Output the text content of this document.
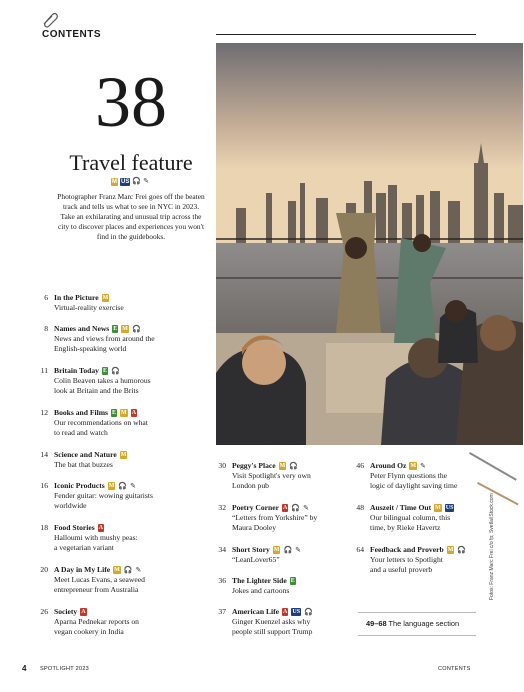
CONTENTS
38
Travel feature
M US 🎧 ✎
Photographer Franz Marc Frei goes off the beaten track and tells us what to see in NYC in 2023. Take an exhilarating and unusual trip across the city to discover places and experiences you won't find in the guidebooks.
6 In the Picture M
Virtual-reality exercise
8 Names and News E M 🎧
News and views from around the
English-speaking world
11 Britain Today E 🎧
Colin Beaven takes a humorous
look at Britain and the Brits
12 Books and Films E M A
Our recommendations on what
to read and watch
14 Science and Nature M
The bat that buzzes
16 Iconic Products M 🎧 ✎
Fender guitar: wowing guitarists
worldwide
18 Food Stories A
Halloumi with mushy peas:
a vegetarian variant
20 A Day in My Life M 🎧 ✎
Meet Lucas Evans, a seaweed
entrepreneur from Australia
26 Society A
Aparna Pednekar reports on
vegan cookery in India
30 Peggy's Place M 🎧
Visit Spotlight's very own
London pub
32 Poetry Corner A 🎧 ✎
“Letters from Yorkshire” by
Maura Dooley
34 Short Story M 🎧 ✎
“LeanLover65”
36 The Lighter Side E
Jokes and cartoons
37 American Life A US 🎧
Ginger Kuenzel asks why
people still support Trump
46 Around Oz M ✎
Peter Flynn questions the
logic of daylight saving time
48 Auszeit / Time Out M US
Our bilingual column, this
time, by Rieke Havertz
64 Feedback and Proverb M 🎧
Your letters to Spotlight
and a useful proverb
49–68 The language section
Fotos: Franz Marc Frei c/o fp; Svetla/iStock.com
4 SPOTLIGHT 2023	CONTENTS
